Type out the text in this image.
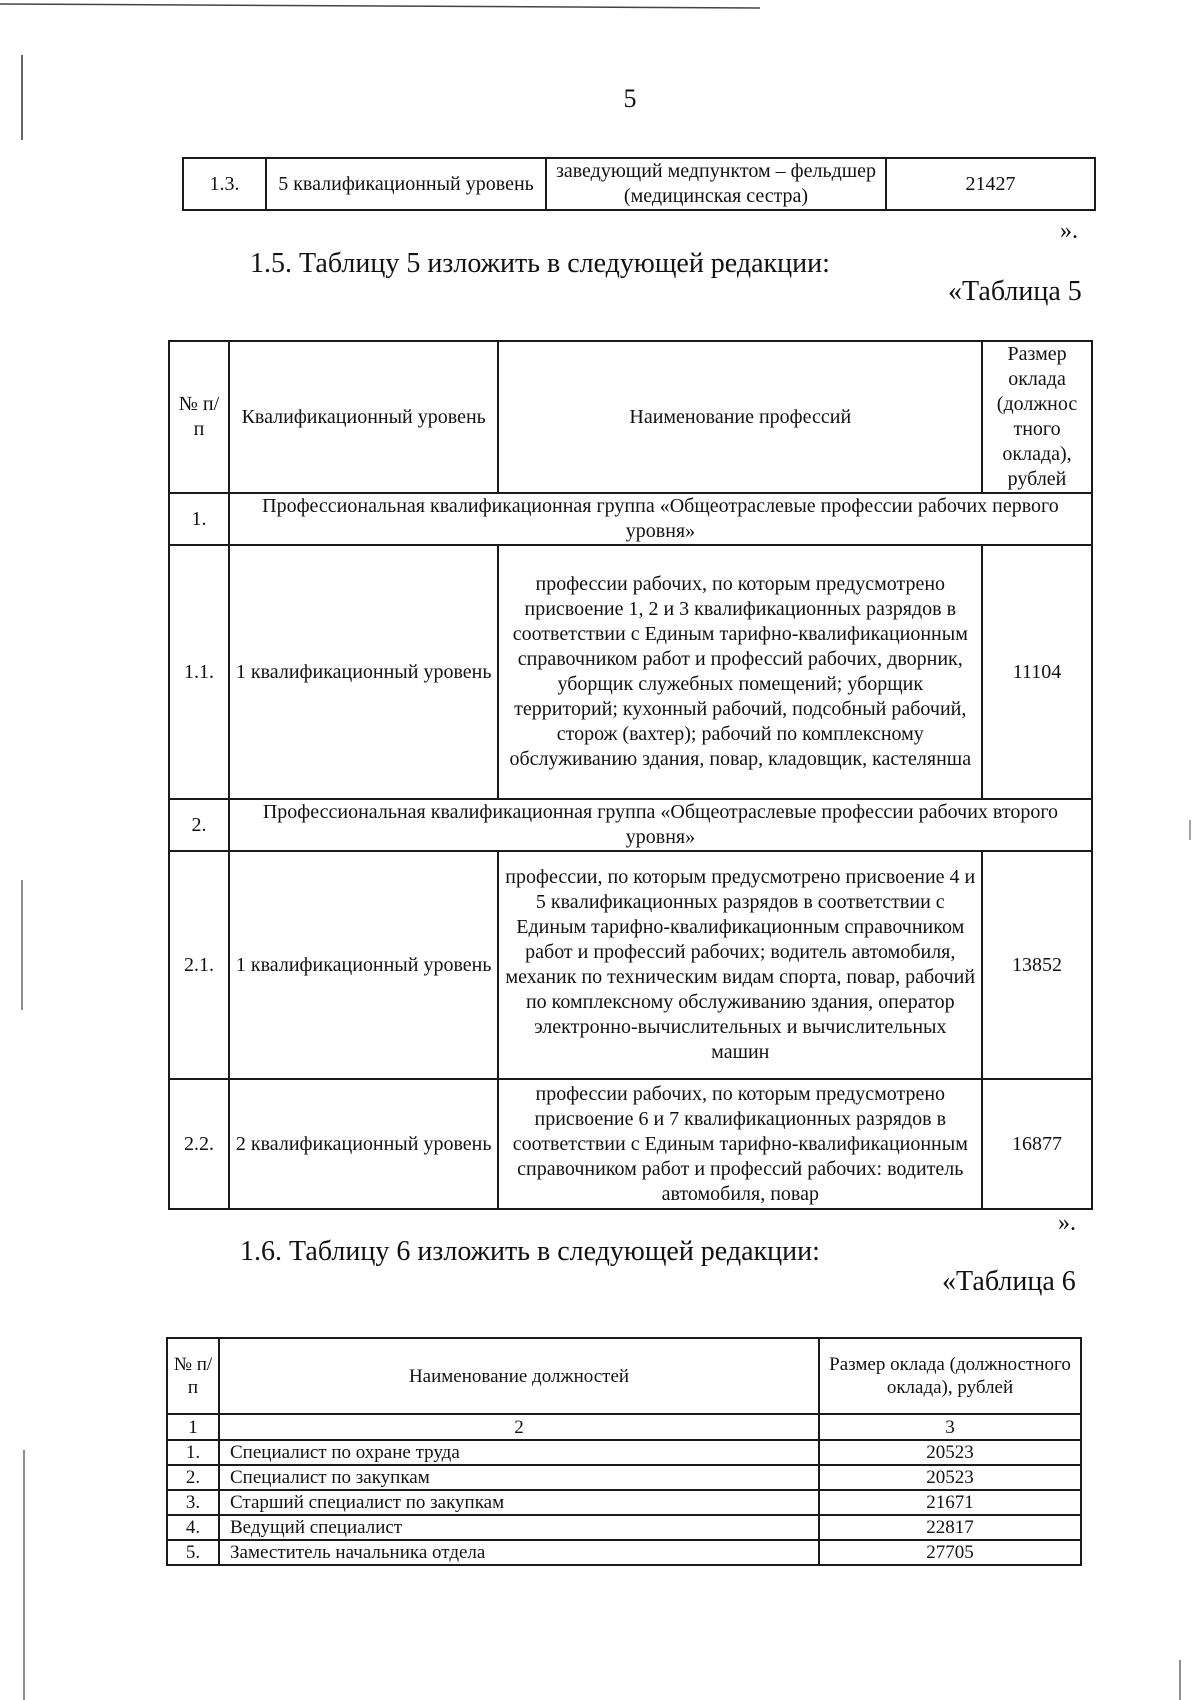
5
1.3.	5 квалификационный уровень	заведующий медпунктом – фельдшер (медицинская сестра)	21427
».
1.5. Таблицу 5 изложить в следующей редакции:
«Таблица 5
№ п/п	Квалификационный уровень	Наименование профессий	Размер оклада (должнос тного оклада), рублей
1.	Профессиональная квалификационная группа «Общеотраслевые профессии рабочих первого уровня»		
1.1.	1 квалификационный уровень	профессии рабочих, по которым предусмотрено присвоение 1, 2 и 3 квалификационных разрядов в соответствии с Единым тарифно-квалификационным справочником работ и профессий рабочих, дворник, уборщик служебных помещений; уборщик территорий; кухонный рабочий, подсобный рабочий, сторож (вахтер); рабочий по комплексному обслуживанию здания, повар, кладовщик, кастелянша	11104
2.	Профессиональная квалификационная группа «Общеотраслевые профессии рабочих второго уровня»		
2.1.	1 квалификационный уровень	профессии, по которым предусмотрено присвоение 4 и 5 квалификационных разрядов в соответствии с Единым тарифно-квалификационным справочником работ и профессий рабочих; водитель автомобиля, механик по техническим видам спорта, повар, рабочий по комплексному обслуживанию здания, оператор электронно-вычислительных и вычислительных машин	13852
2.2.	2 квалификационный уровень	профессии рабочих, по которым предусмотрено присвоение 6 и 7 квалификационных разрядов в соответствии с Единым тарифно-квалификационным справочником работ и профессий рабочих: водитель автомобиля, повар	16877
».
1.6. Таблицу 6 изложить в следующей редакции:
«Таблица 6
№ п/п	Наименование должностей	Размер оклада (должностного оклада), рублей
1	2	3
1.	Специалист по охране труда	20523
2.	Специалист по закупкам	20523
3.	Старший специалист по закупкам	21671
4.	Ведущий специалист	22817
5.	Заместитель начальника отдела	27705
